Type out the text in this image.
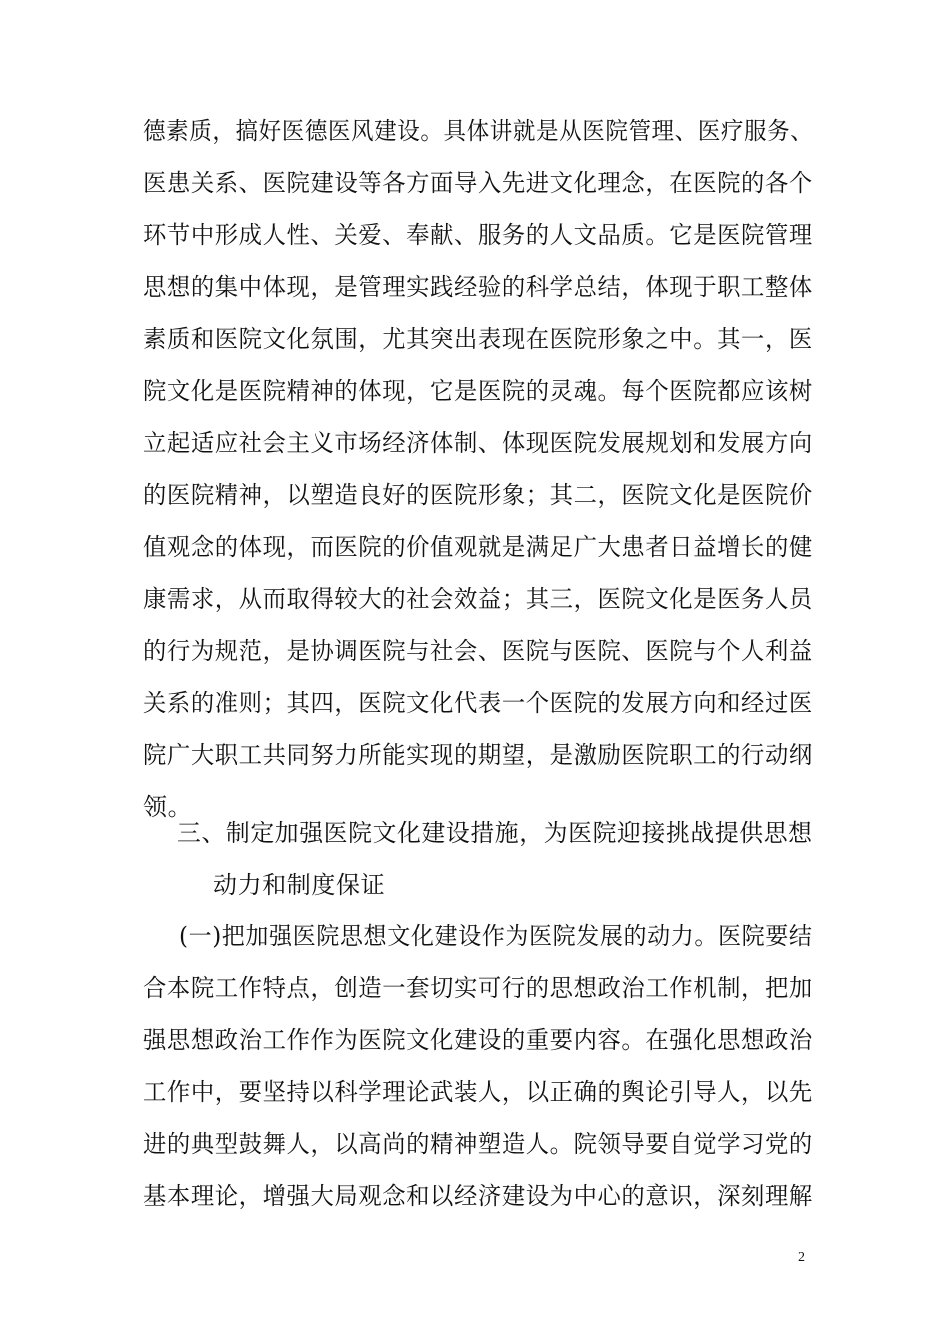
德素质，搞好医德医风建设。具体讲就是从医院管理、医疗服务、
医患关系、医院建设等各方面导入先进文化理念，在医院的各个
环节中形成人性、关爱、奉献、服务的人文品质。它是医院管理
思想的集中体现，是管理实践经验的科学总结，体现于职工整体
素质和医院文化氛围，尤其突出表现在医院形象之中。其一，医
院文化是医院精神的体现，它是医院的灵魂。每个医院都应该树
立起适应社会主义市场经济体制、体现医院发展规划和发展方向
的医院精神，以塑造良好的医院形象；其二，医院文化是医院价
值观念的体现，而医院的价值观就是满足广大患者日益增长的健
康需求，从而取得较大的社会效益；其三，医院文化是医务人员
的行为规范，是协调医院与社会、医院与医院、医院与个人利益
关系的准则；其四，医院文化代表一个医院的发展方向和经过医
院广大职工共同努力所能实现的期望，是激励医院职工的行动纲
领。
三、制定加强医院文化建设措施，为医院迎接挑战提供思想
动力和制度保证
(一)把加强医院思想文化建设作为医院发展的动力。医院要结
合本院工作特点，创造一套切实可行的思想政治工作机制，把加
强思想政治工作作为医院文化建设的重要内容。在强化思想政治
工作中，要坚持以科学理论武装人，以正确的舆论引导人，以先
进的典型鼓舞人，以高尚的精神塑造人。院领导要自觉学习党的
基本理论，增强大局观念和以经济建设为中心的意识，深刻理解
2
